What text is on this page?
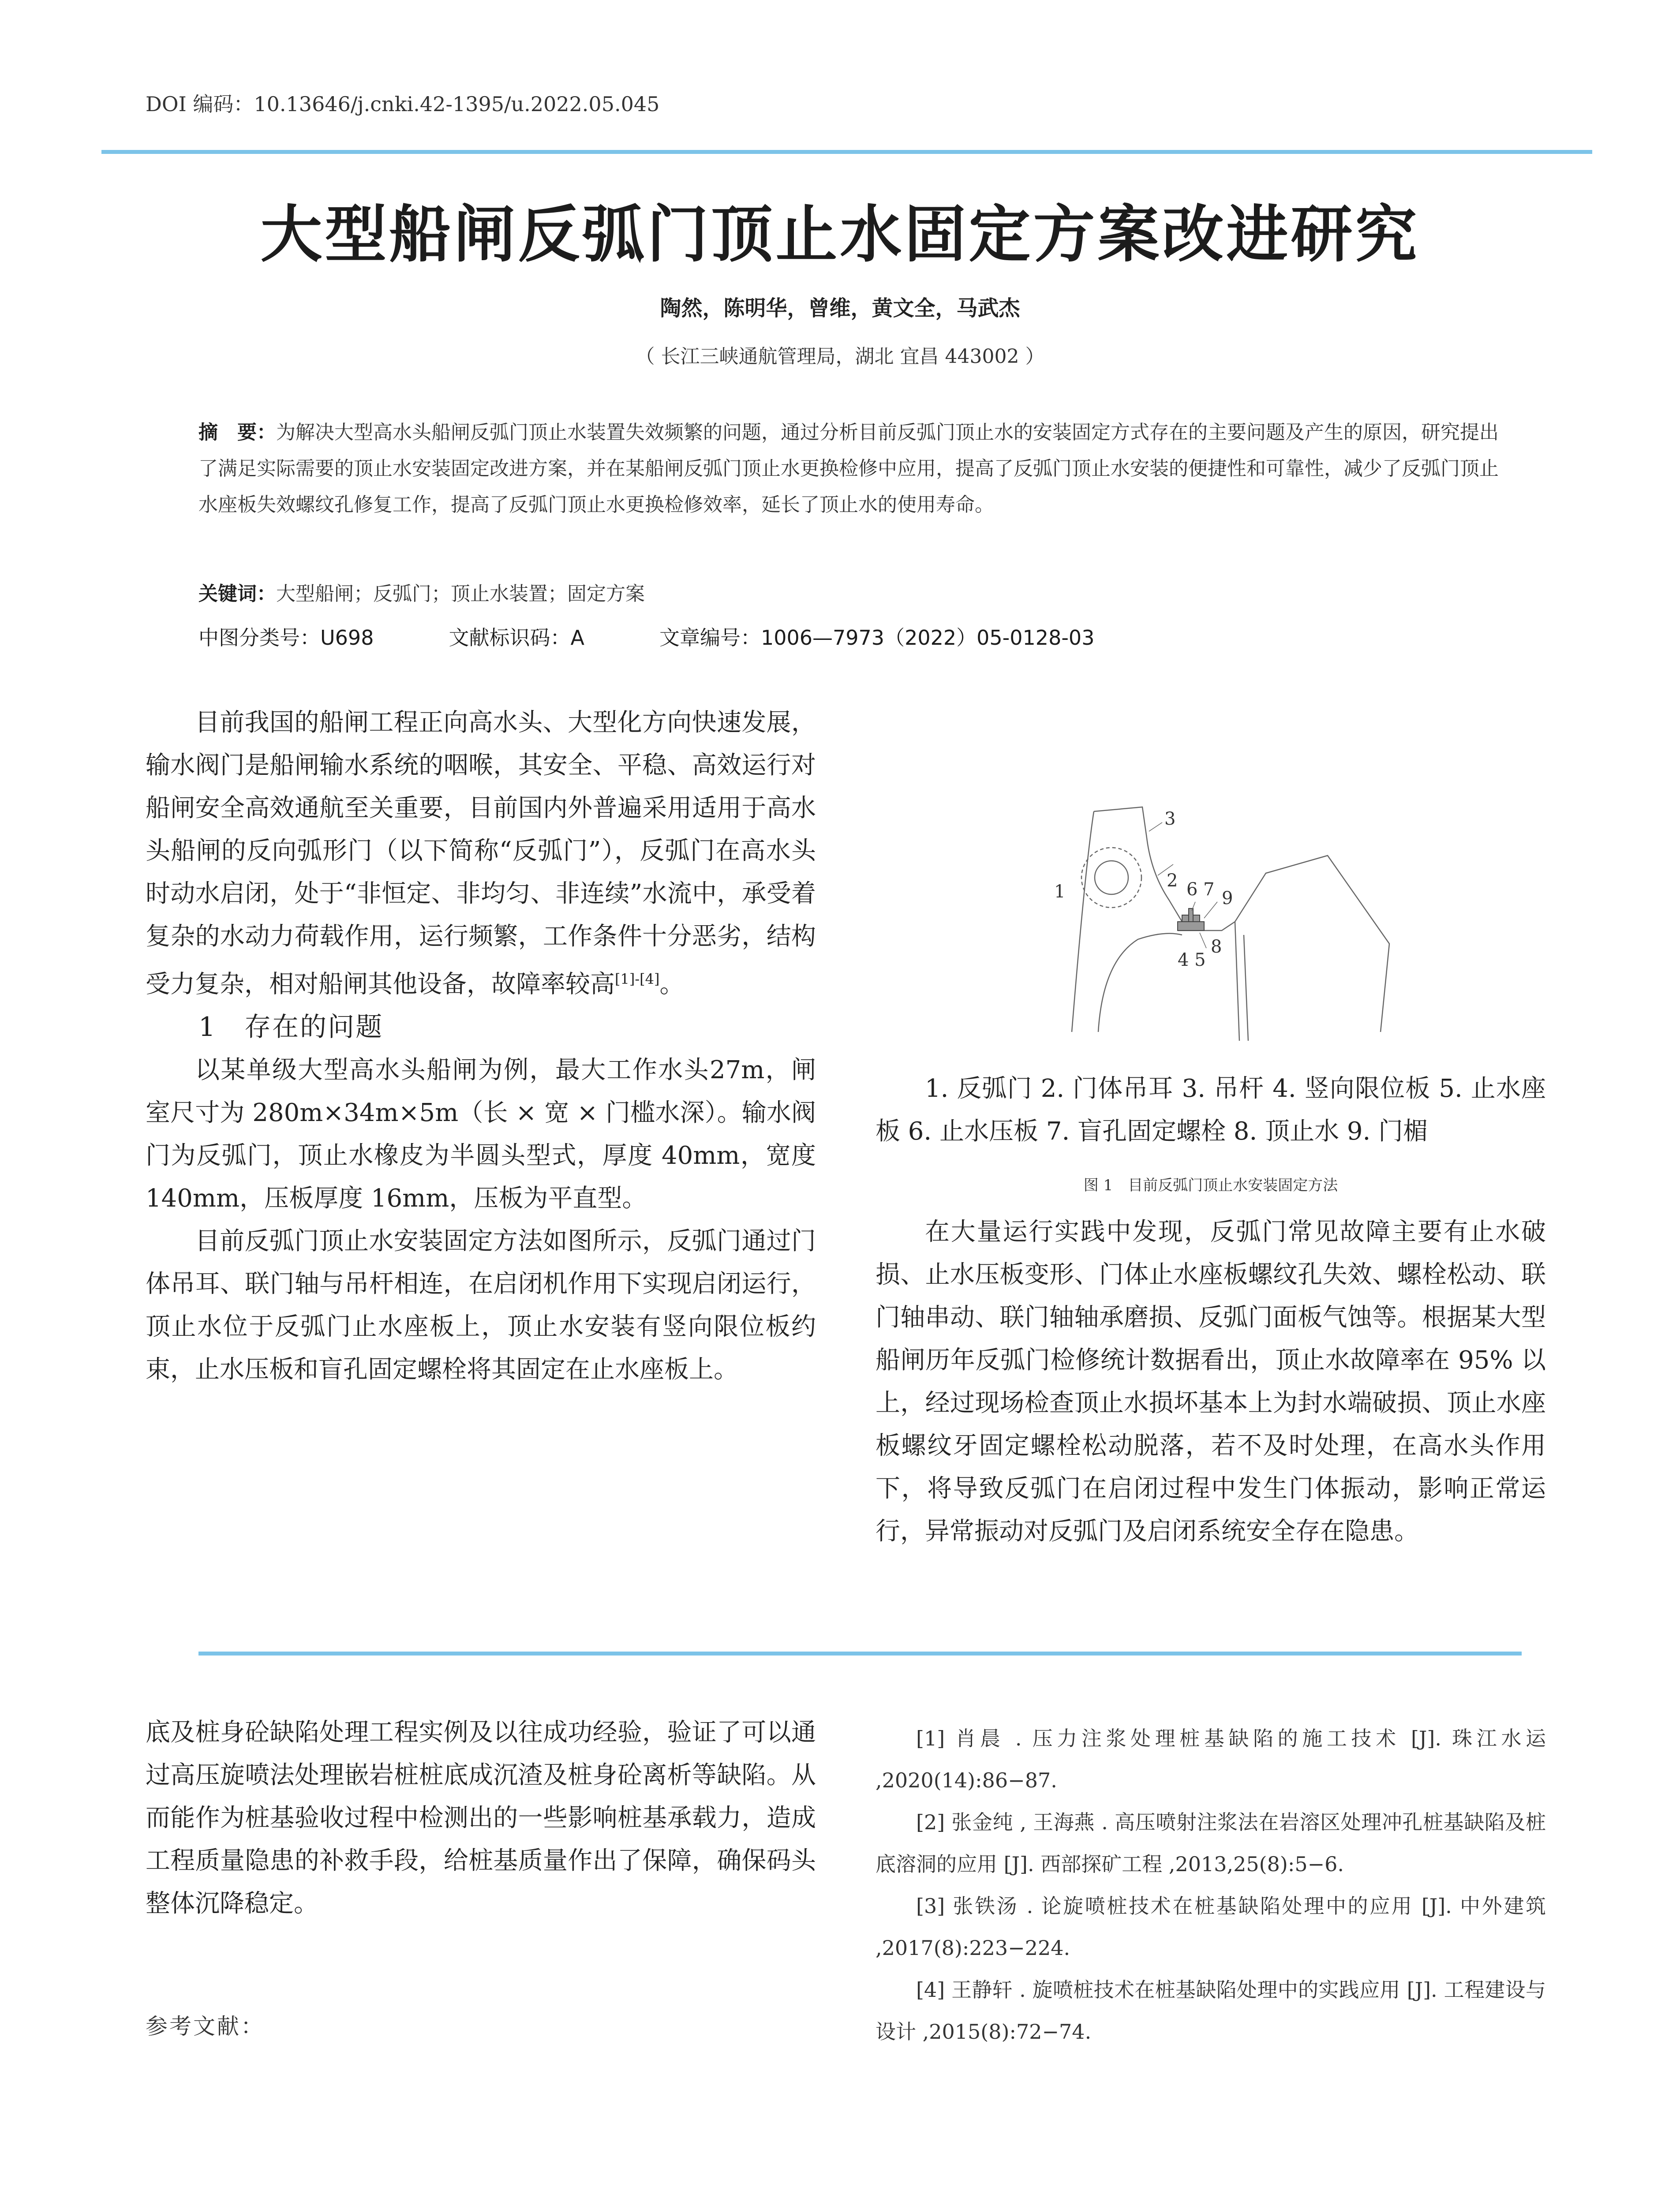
DOI 编码：10.13646/j.cnki.42-1395/u.2022.05.045
大型船闸反弧门顶止水固定方案改进研究
陶然，陈明华，曾维，黄文全，马武杰
（ 长江三峡通航管理局，湖北 宜昌 443002 ）
摘　要：为解决大型高水头船闸反弧门顶止水装置失效频繁的问题，通过分析目前反弧门顶止水的安装固定方式存在的主要问题及产生的原因，研究提出了满足实际需要的顶止水安装固定改进方案，并在某船闸反弧门顶止水更换检修中应用，提高了反弧门顶止水安装的便捷性和可靠性，减少了反弧门顶止水座板失效螺纹孔修复工作，提高了反弧门顶止水更换检修效率，延长了顶止水的使用寿命。
关键词：大型船闸；反弧门；顶止水装置；固定方案
中图分类号：U698	文献标识码：A	文章编号：1006—7973（2022）05-0128-03

目前我国的船闸工程正向高水头、大型化方向快速发展，输水阀门是船闸输水系统的咽喉，其安全、平稳、高效运行对船闸安全高效通航至关重要，目前国内外普遍采用适用于高水头船闸的反向弧形门（以下简称“反弧门”），反弧门在高水头时动水启闭，处于“非恒定、非均匀、非连续”水流中，承受着复杂的水动力荷载作用，运行频繁，工作条件十分恶劣，结构受力复杂，相对船闸其他设备，故障率较高[1]-[4]。

1　存在的问题

以某单级大型高水头船闸为例，最大工作水头27m，闸室尺寸为 280m×34m×5m（长 × 宽 × 门槛水深）。输水阀门为反弧门，顶止水橡皮为半圆头型式，厚度 40mm，宽度 140mm，压板厚度 16mm，压板为平直型。

目前反弧门顶止水安装固定方法如图所示，反弧门通过门体吊耳、联门轴与吊杆相连，在启闭机作用下实现启闭运行，顶止水位于反弧门止水座板上，顶止水安装有竖向限位板约束，止水压板和盲孔固定螺栓将其固定在止水座板上。

1
2
3
6 7 9
4 5
8

1. 反弧门 2. 门体吊耳 3. 吊杆 4. 竖向限位板 5. 止水座板 6. 止水压板 7. 盲孔固定螺栓 8. 顶止水 9. 门楣

图 1　目前反弧门顶止水安装固定方法

在大量运行实践中发现，反弧门常见故障主要有止水破损、止水压板变形、门体止水座板螺纹孔失效、螺栓松动、联门轴串动、联门轴轴承磨损、反弧门面板气蚀等。根据某大型船闸历年反弧门检修统计数据看出，顶止水故障率在 95% 以上，经过现场检查顶止水损坏基本上为封水端破损、顶止水座板螺纹牙固定螺栓松动脱落，若不及时处理，在高水头作用下，将导致反弧门在启闭过程中发生门体振动，影响正常运行，异常振动对反弧门及启闭系统安全存在隐患。

底及桩身砼缺陷处理工程实例及以往成功经验，验证了可以通过高压旋喷法处理嵌岩桩桩底成沉渣及桩身砼离析等缺陷。从而能作为桩基验收过程中检测出的一些影响桩基承载力，造成工程质量隐患的补救手段，给桩基质量作出了保障，确保码头整体沉降稳定。

参考文献：

[1] 肖晨 . 压力注浆处理桩基缺陷的施工技术 [J]. 珠江水运 ,2020(14):86−87.

[2] 张金纯 , 王海燕 . 高压喷射注浆法在岩溶区处理冲孔桩基缺陷及桩底溶洞的应用 [J]. 西部探矿工程 ,2013,25(8):5−6.

[3] 张铁汤 . 论旋喷桩技术在桩基缺陷处理中的应用 [J]. 中外建筑 ,2017(8):223−224.

[4] 王静轩 . 旋喷桩技术在桩基缺陷处理中的实践应用 [J]. 工程建设与设计 ,2015(8):72−74.
